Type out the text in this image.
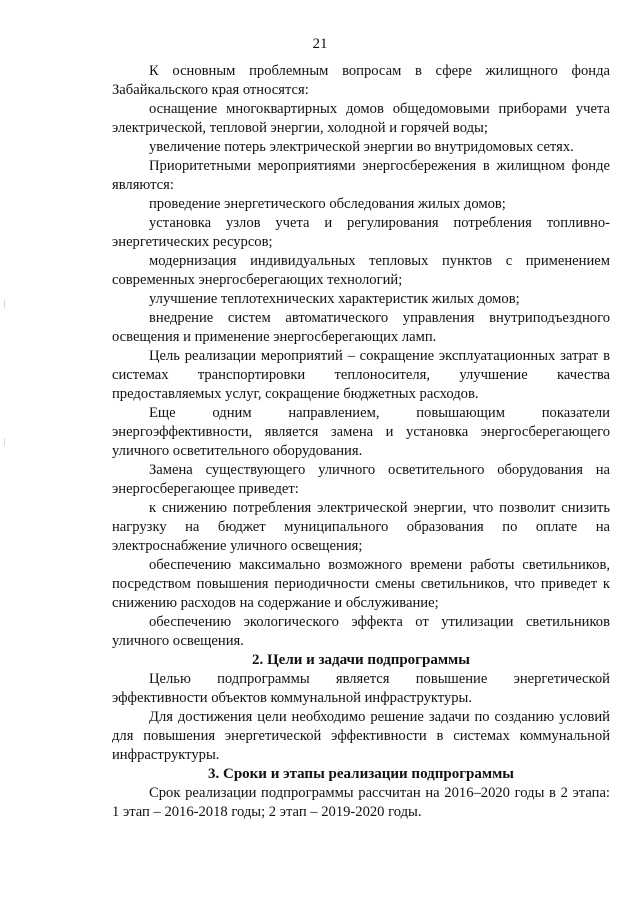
21

К основным проблемным вопросам в сфере жилищного фонда Забайкальского края относятся:

оснащение многоквартирных домов общедомовыми приборами учета электрической, тепловой энергии, холодной и горячей воды;

увеличение потерь электрической энергии во внутридомовых сетях.

Приоритетными мероприятиями энергосбережения в жилищном фонде являются:

проведение энергетического обследования жилых домов;

установка узлов учета и регулирования потребления топливно-энергетических ресурсов;

модернизация индивидуальных тепловых пунктов с применением современных энергосберегающих технологий;

улучшение теплотехнических характеристик жилых домов;

внедрение систем автоматического управления внутриподъездного освещения и применение энергосберегающих ламп.

Цель реализации мероприятий – сокращение эксплуатационных затрат в системах транспортировки теплоносителя, улучшение качества предоставляемых услуг, сокращение бюджетных расходов.

Еще одним направлением, повышающим показатели энергоэффективности, является замена и установка энергосберегающего уличного осветительного оборудования.

Замена существующего уличного осветительного оборудования на энергосберегающее приведет:

к снижению потребления электрической энергии, что позволит снизить нагрузку на бюджет муниципального образования по оплате на электроснабжение уличного освещения;

обеспечению максимально возможного времени работы светильников, посредством повышения периодичности смены светильников, что приведет к снижению расходов на содержание и обслуживание;

обеспечению экологического эффекта от утилизации светильников уличного освещения.

2. Цели и задачи подпрограммы

Целью подпрограммы является повышение энергетической эффективности объектов коммунальной инфраструктуры.

Для достижения цели необходимо решение задачи по созданию условий для повышения энергетической эффективности в системах коммунальной инфраструктуры.

3. Сроки и этапы реализации подпрограммы

Срок реализации подпрограммы рассчитан на 2016–2020 годы в 2 этапа: 1 этап – 2016-2018 годы; 2 этап – 2019-2020 годы.
